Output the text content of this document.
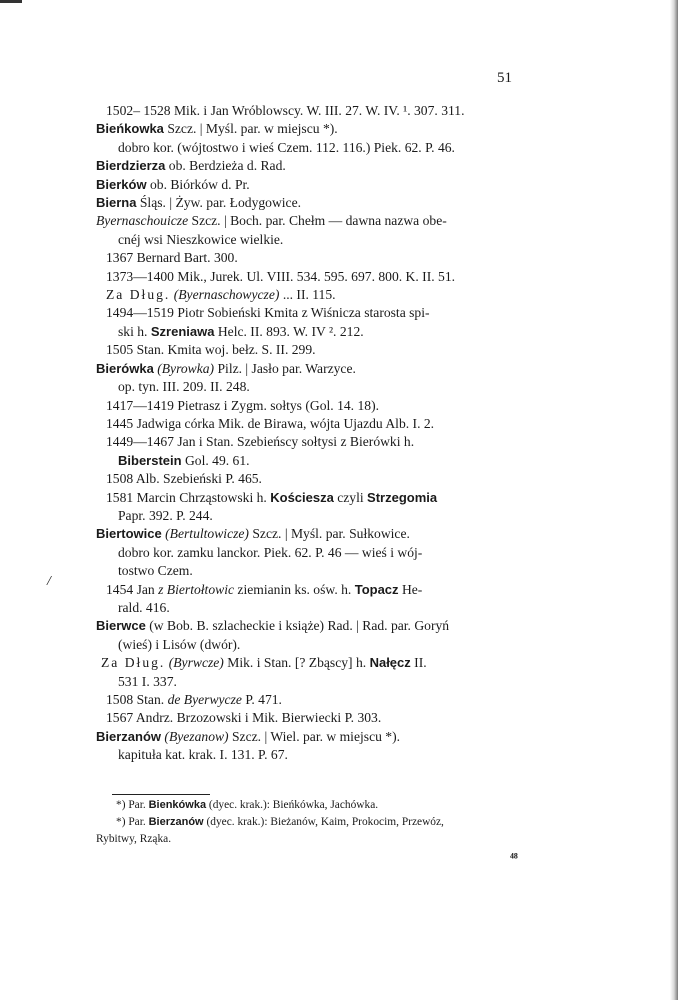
51
/

1502– 1528 Mik. i Jan Wróblowscy. W. III. 27. W. IV. ¹. 307. 311.

Bieńkowka Szcz. | Myśl. par. w miejscu *).

dobro kor. (wójtostwo i wieś Czem. 112. 116.) Piek. 62. P. 46.

Bierdzierza ob. Berdzieża d. Rad.

Bierków ob. Biórków d. Pr.

Bierna Śląs. | Żyw. par. Łodygowice.

Byernaschouicze Szcz. | Boch. par. Chełm — dawna nazwa obe-

cnéj wsi Nieszkowice wielkie.

1367 Bernard Bart. 300.

1373—1400 Mik., Jurek. Ul. VIII. 534. 595. 697. 800. K. II. 51.

Za Dług. (Byernaschowycze) ... II. 115.

1494—1519 Piotr Sobieński Kmita z Wiśnicza starosta spi-

ski h. Szreniawa Helc. II. 893. W. IV ². 212.

1505 Stan. Kmita woj. bełz. S. II. 299.

Bierówka (Byrowka) Pilz. | Jasło par. Warzyce.

op. tyn. III. 209. II. 248.

1417—1419 Pietrasz i Zygm. sołtys (Gol. 14. 18).

1445 Jadwiga córka Mik. de Birawa, wójta Ujazdu Alb. I. 2.

1449—1467 Jan i Stan. Szebieńscy sołtysi z Bierówki h.

Biberstein Gol. 49. 61.

1508 Alb. Szebieński P. 465.

1581 Marcin Chrząstowski h. Kościesza czyli Strzegomia

Papr. 392. P. 244.

Biertowice (Bertultowicze) Szcz. | Myśl. par. Sułkowice.

dobro kor. zamku lanckor. Piek. 62. P. 46 — wieś i wój-

tostwo Czem.

1454 Jan z Biertołtowic ziemianin ks. ośw. h. Topacz He-

rald. 416.

Bierwce (w Bob. B. szlacheckie i książe) Rad. | Rad. par. Goryń

(wieś) i Lisów (dwór).

Za Dług. (Byrwcze) Mik. i Stan. [? Zbąscy] h. Nałęcz II.

531 I. 337.

1508 Stan. de Byerwycze P. 471.

1567 Andrz. Brzozowski i Mik. Bierwiecki P. 303.

Bierzanów (Byezanow) Szcz. | Wiel. par. w miejscu *).

kapituła kat. krak. I. 131. P. 67.

*) Par. Bienkówka (dyec. krak.): Bieńkówka, Jachówka.

*) Par. Bierzanów (dyec. krak.): Bieżanów, Kaim, Prokocim, Przewóz,

Rybitwy, Rząka.

⁴⁸
